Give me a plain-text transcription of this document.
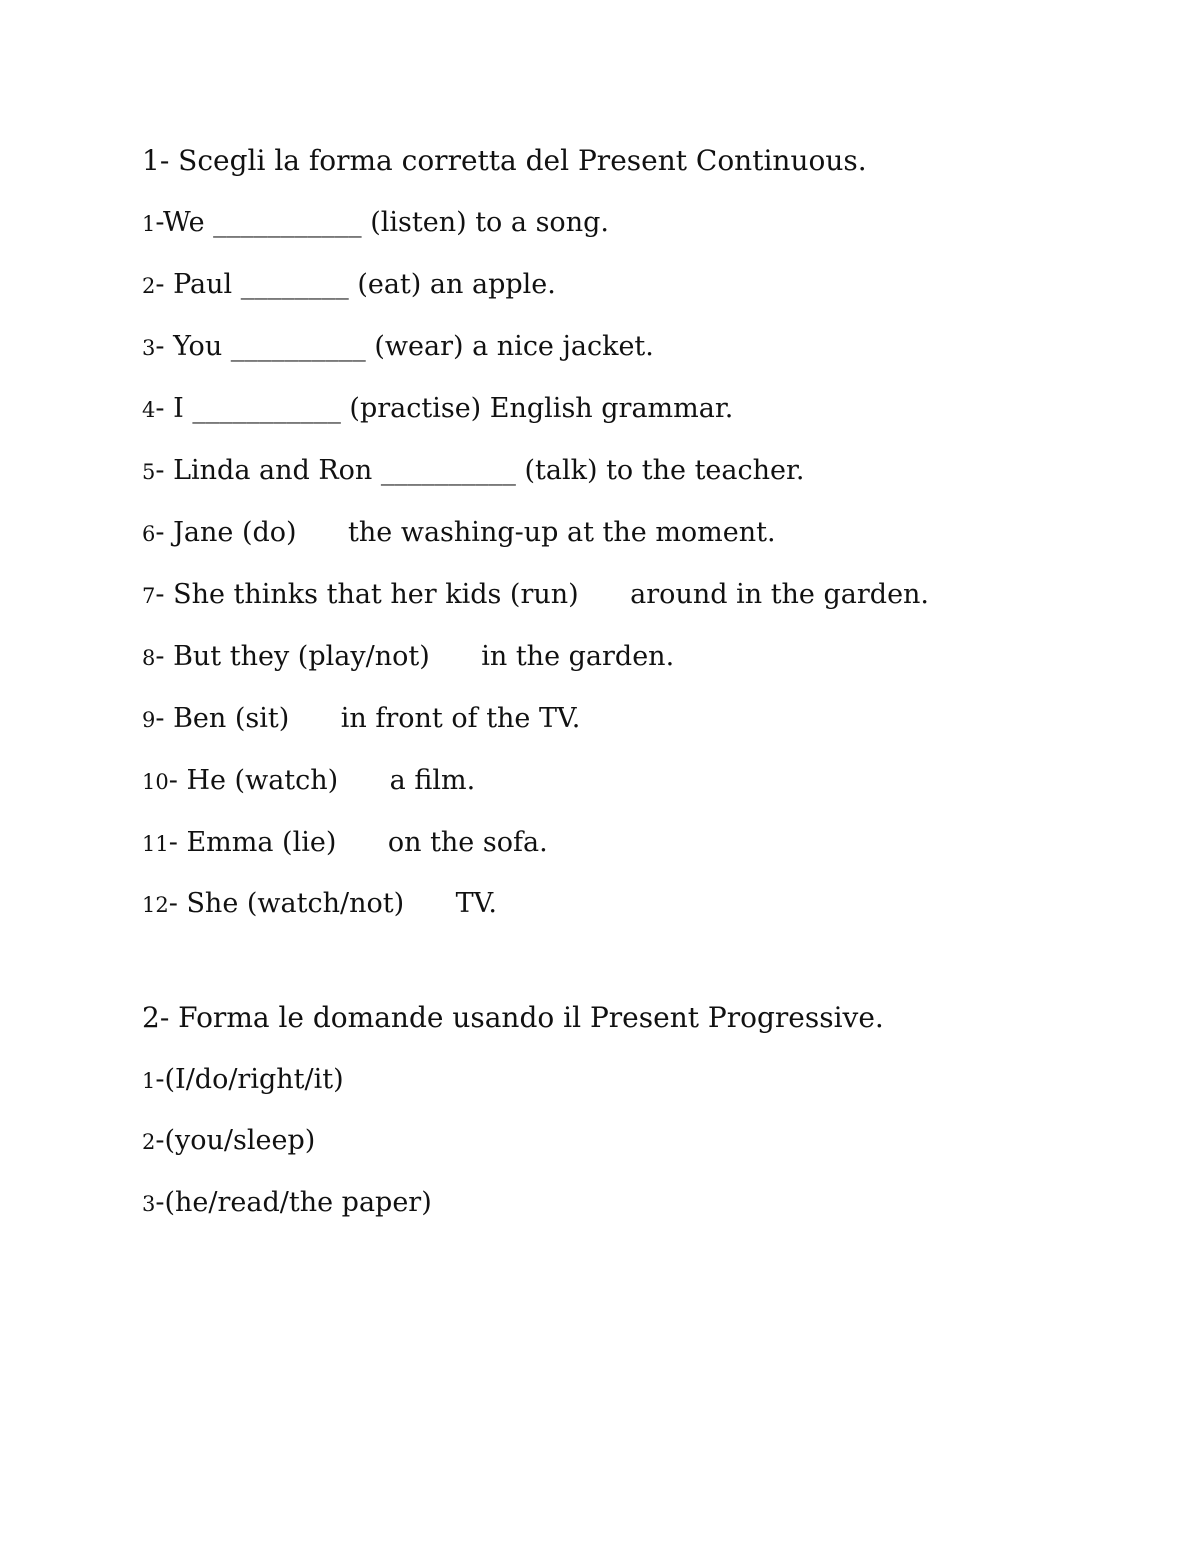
1- Scegli la forma corretta del Present Continuous.
1-We ___________ (listen) to a song.
2- Paul ________ (eat) an apple.
3- You __________ (wear) a nice jacket.
4- I ___________ (practise) English grammar.
5- Linda and Ron __________ (talk) to the teacher.
6- Jane (do)      the washing-up at the moment.
7- She thinks that her kids (run)      around in the garden.
8- But they (play/not)      in the garden.
9- Ben (sit)      in front of the TV.
10- He (watch)      a film.
11- Emma (lie)      on the sofa.
12- She (watch/not)      TV.
2- Forma le domande usando il Present Progressive.
1-(I/do/right/it)
2-(you/sleep)
3-(he/read/the paper)
